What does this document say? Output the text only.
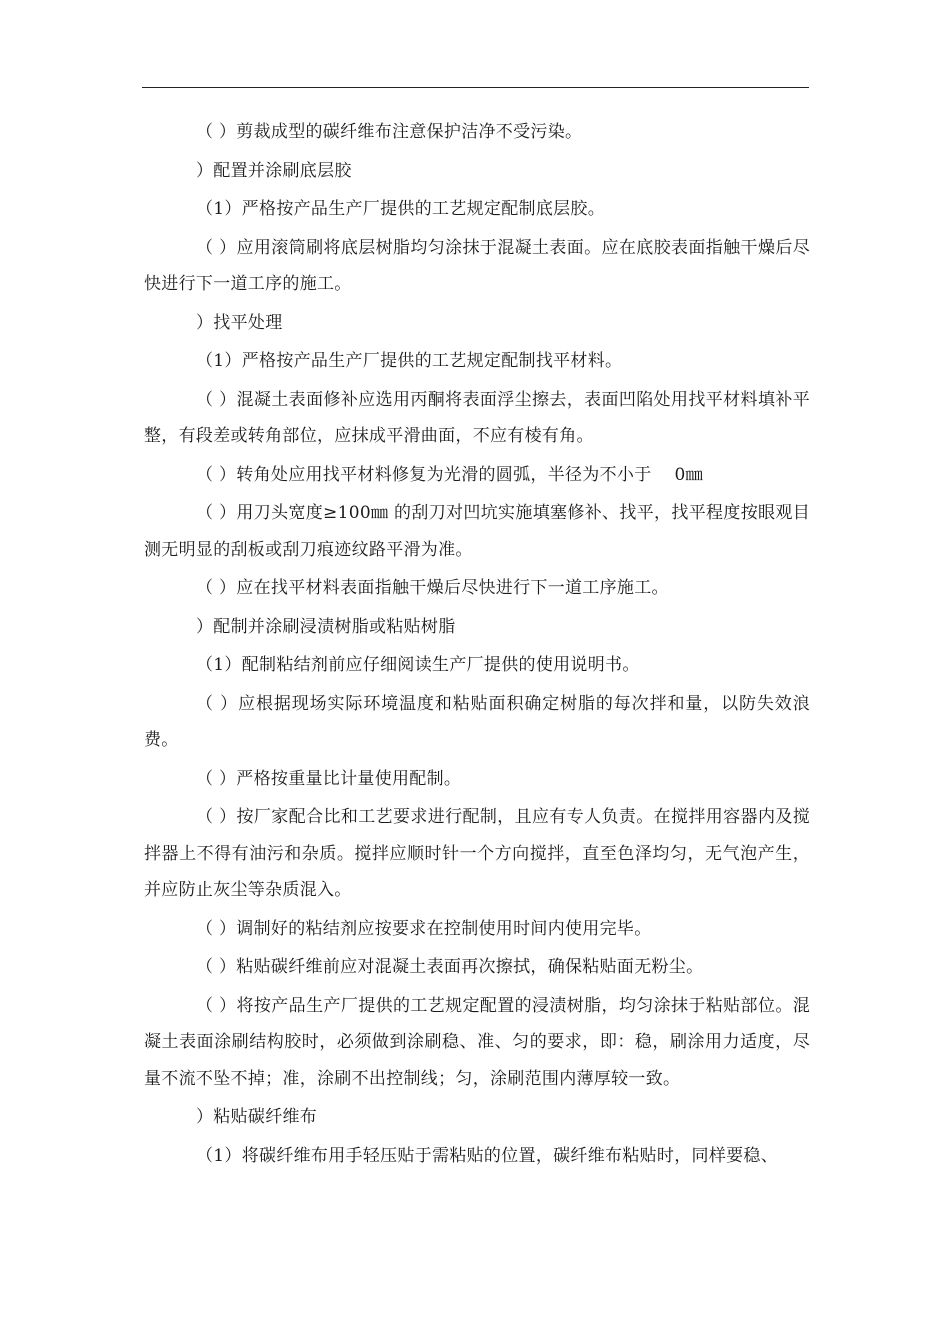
（ ）剪裁成型的碳纤维布注意保护洁净不受污染。

）配置并涂刷底层胶

（1）严格按产品生产厂提供的工艺规定配制底层胶。

（ ）应用滚筒刷将底层树脂均匀涂抹于混凝土表面。应在底胶表面指触干燥后尽快进行下一道工序的施工。

）找平处理

（1）严格按产品生产厂提供的工艺规定配制找平材料。

（ ）混凝土表面修补应选用丙酮将表面浮尘擦去，表面凹陷处用找平材料填补平整，有段差或转角部位，应抹成平滑曲面，不应有棱有角。

（ ）转角处应用找平材料修复为光滑的圆弧，半径为不小于　 0㎜

（ ）用刀头宽度≥100㎜ 的刮刀对凹坑实施填塞修补、找平，找平程度按眼观目测无明显的刮板或刮刀痕迹纹路平滑为准。

（ ）应在找平材料表面指触干燥后尽快进行下一道工序施工。

）配制并涂刷浸渍树脂或粘贴树脂

（1）配制粘结剂前应仔细阅读生产厂提供的使用说明书。

（ ）应根据现场实际环境温度和粘贴面积确定树脂的每次拌和量，以防失效浪费。

（ ）严格按重量比计量使用配制。

（ ）按厂家配合比和工艺要求进行配制，且应有专人负责。在搅拌用容器内及搅拌器上不得有油污和杂质。搅拌应顺时针一个方向搅拌，直至色泽均匀，无气泡产生，并应防止灰尘等杂质混入。

（ ）调制好的粘结剂应按要求在控制使用时间内使用完毕。

（ ）粘贴碳纤维前应对混凝土表面再次擦拭，确保粘贴面无粉尘。

（ ）将按产品生产厂提供的工艺规定配置的浸渍树脂，均匀涂抹于粘贴部位。混凝土表面涂刷结构胶时，必须做到涂刷稳、准、匀的要求，即：稳，刷涂用力适度，尽量不流不坠不掉；准，涂刷不出控制线；匀，涂刷范围内薄厚较一致。

）粘贴碳纤维布

（1）将碳纤维布用手轻压贴于需粘贴的位置，碳纤维布粘贴时，同样要稳、
